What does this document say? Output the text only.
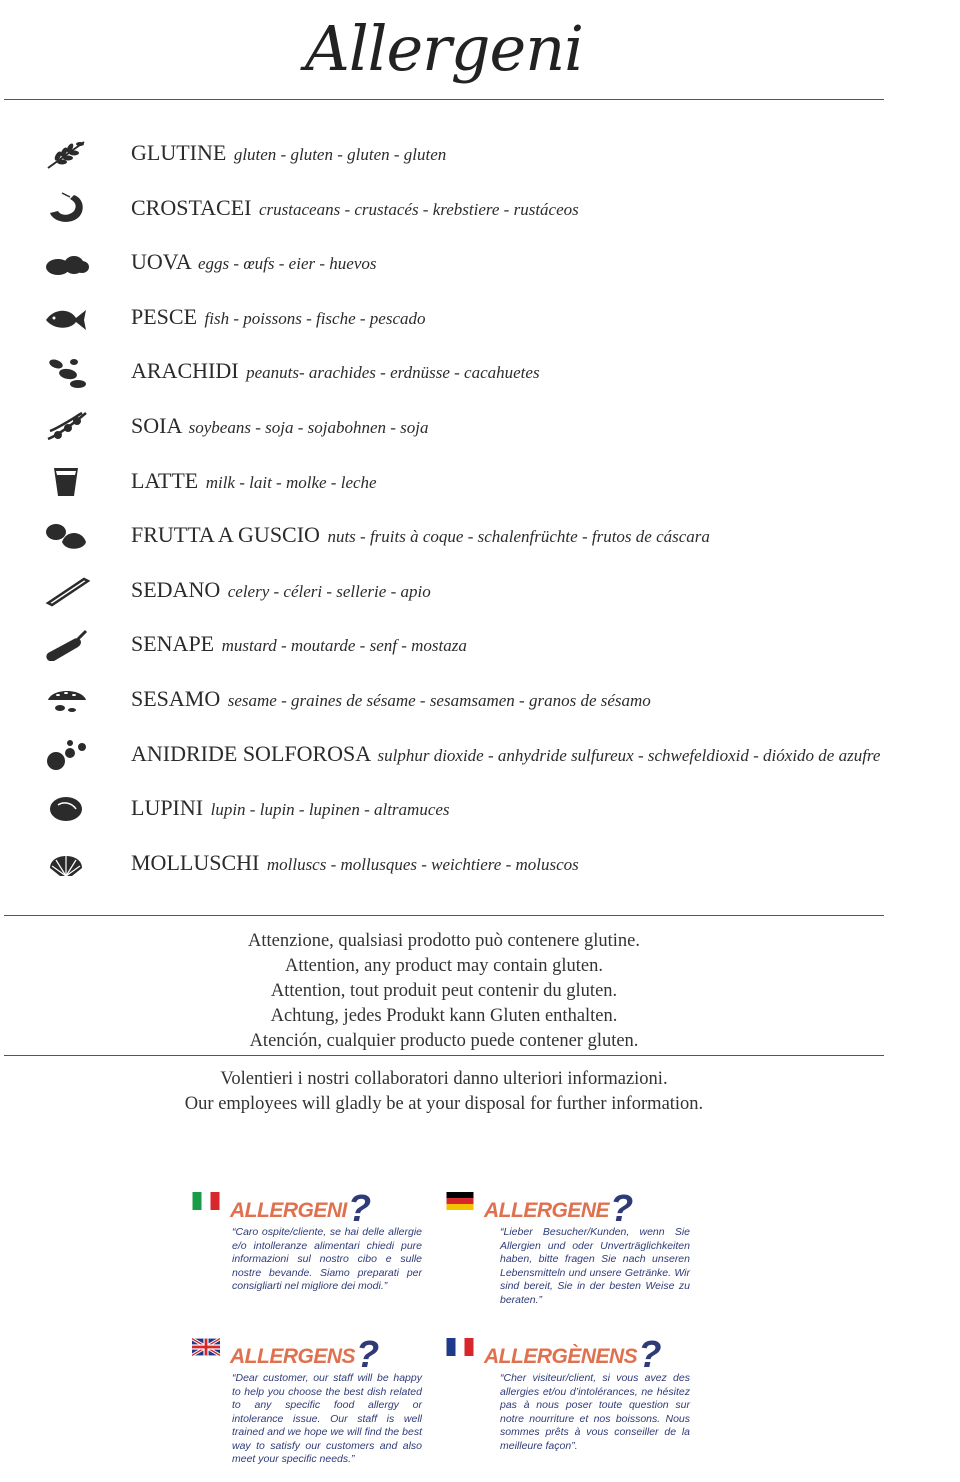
Allergeni
GLUTINE gluten - gluten - gluten - gluten
CROSTACEI crustaceans - crustacés - krebstiere - rustáceos
UOVA eggs - œufs - eier - huevos
PESCE fish - poissons - fische - pescado
ARACHIDI peanuts- arachides - erdnüsse - cacahuetes
SOIA soybeans - soja - sojabohnen - soja
LATTE milk - lait - molke - leche
FRUTTA A GUSCIO nuts - fruits à coque - schalenfrüchte - frutos de cáscara
SEDANO celery - céleri - sellerie - apio
SENAPE mustard - moutarde - senf - mostaza
SESAMO sesame - graines de sésame - sesamsamen - granos de sésamo
ANIDRIDE SOLFOROSA sulphur dioxide - anhydride sulfureux - schwefeldioxid - dióxido de azufre
LUPINI lupin - lupin - lupinen - altramuces
MOLLUSCHI molluscs - mollusques - weichtiere - moluscos
Attenzione, qualsiasi prodotto può contenere glutine.
Attention, any product may contain gluten.
Attention, tout produit peut contenir du gluten.
Achtung, jedes Produkt kann Gluten enthalten.
Atención, cualquier producto puede contener gluten.
Volentieri i nostri collaboratori danno ulteriori informazioni.
Our employees will gladly be at your disposal for further information.
ALLERGENI?
“Caro ospite/cliente, se hai delle allergie e/o intolleranze alimentari chiedi pure informazioni sul nostro cibo e sulle nostre bevande. Siamo preparati per consigliarti nel migliore dei modi.”
ALLERGENE?
“Lieber Besucher/Kunden, wenn Sie Allergien und oder Unverträglichkeiten haben, bitte fragen Sie nach unseren Lebensmitteln und unsere Getränke. Wir sind bereit, Sie in der besten Weise zu beraten.”
ALLERGENS?
“Dear customer, our staff will be happy to help you choose the best dish related to any specific food allergy or intolerance issue. Our staff is well trained and we hope we will find the best way to satisfy our customers and also meet your specific needs.”
ALLERGÈNENS?
“Cher visiteur/client, si vous avez des allergies et/ou d’intolérances, ne hésitez pas à nous poser toute question sur notre nourriture et nos boissons. Nous sommes prêts à vous conseiller de la meilleure façon”.
